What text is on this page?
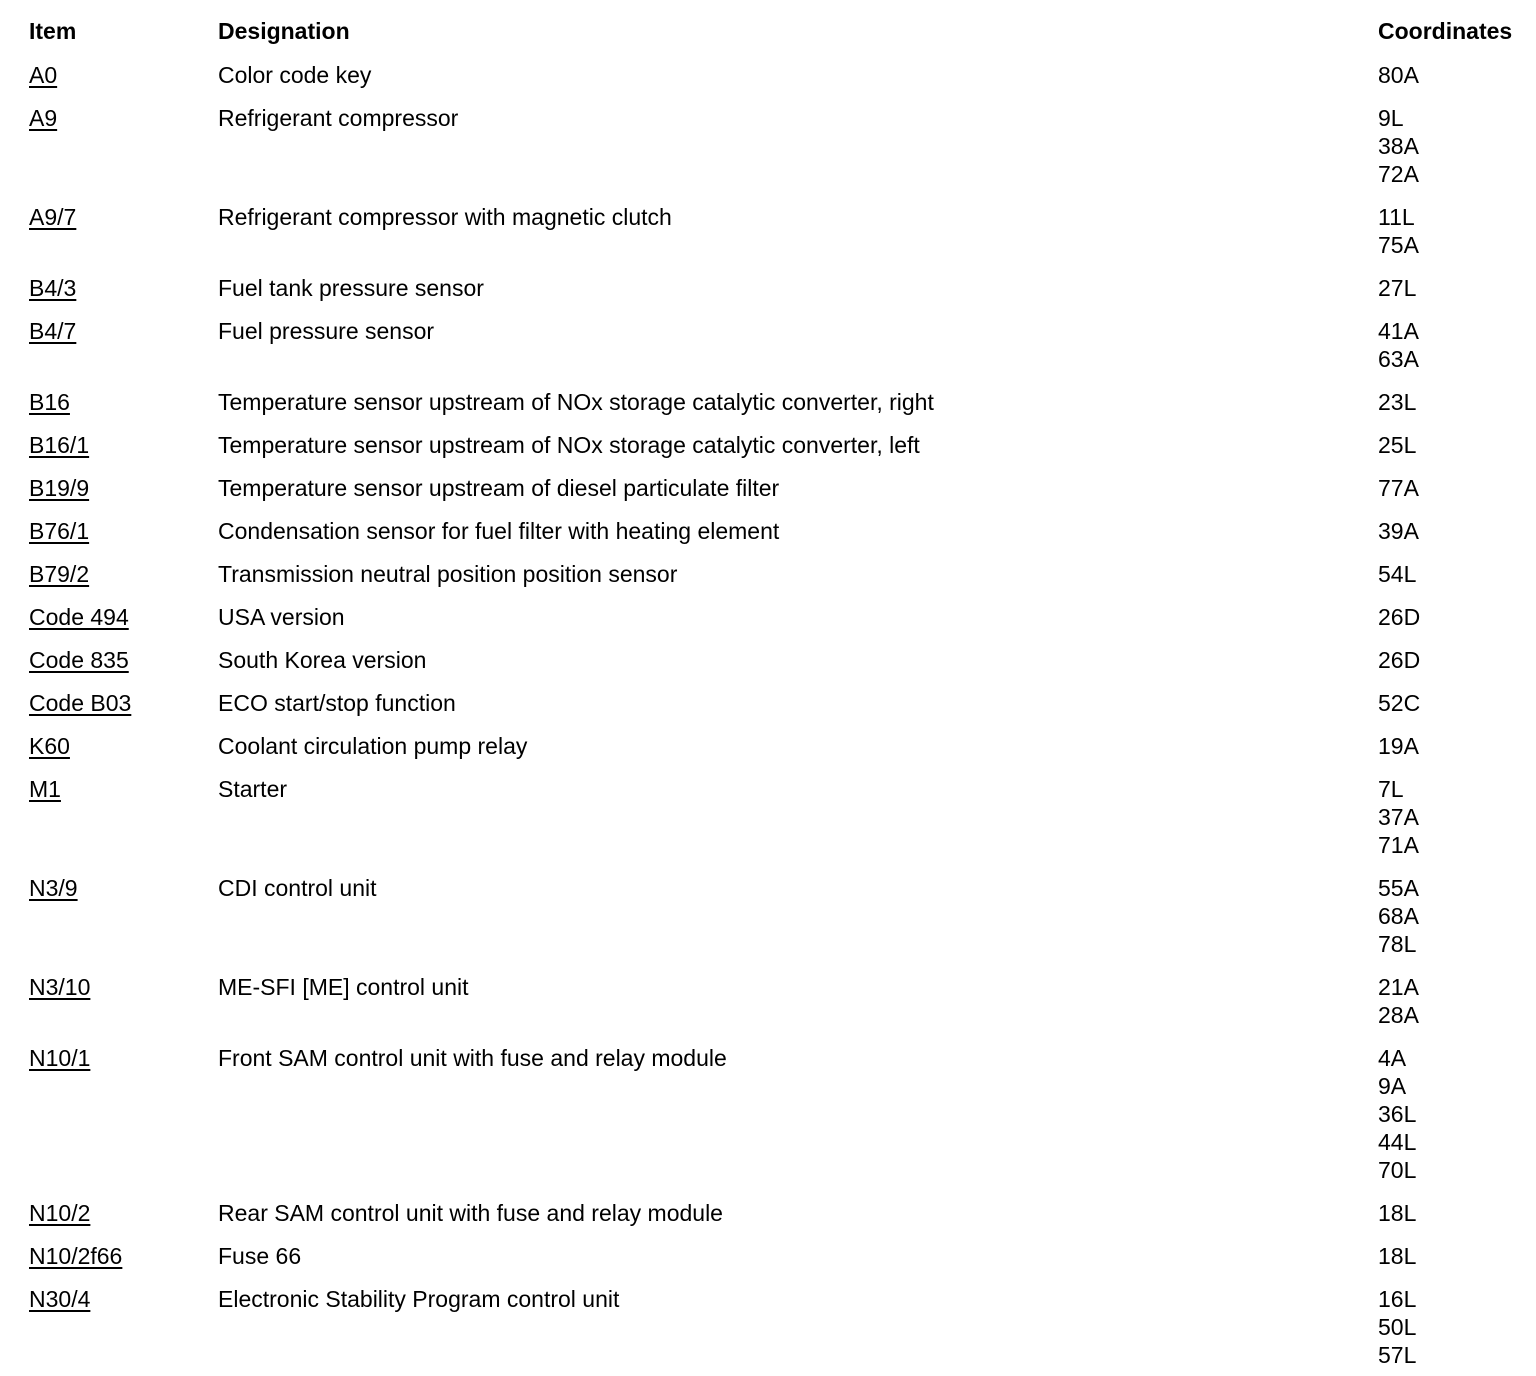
Item	Designation	Coordinates
A0	Color code key	80A
A9	Refrigerant compressor	9L
38A
72A
A9/7	Refrigerant compressor with magnetic clutch	11L
75A
B4/3	Fuel tank pressure sensor	27L
B4/7	Fuel pressure sensor	41A
63A
B16	Temperature sensor upstream of NOx storage catalytic converter, right	23L
B16/1	Temperature sensor upstream of NOx storage catalytic converter, left	25L
B19/9	Temperature sensor upstream of diesel particulate filter	77A
B76/1	Condensation sensor for fuel filter with heating element	39A
B79/2	Transmission neutral position position sensor	54L
Code 494	USA version	26D
Code 835	South Korea version	26D
Code B03	ECO start/stop function	52C
K60	Coolant circulation pump relay	19A
M1	Starter	7L
37A
71A
N3/9	CDI control unit	55A
68A
78L
N3/10	ME-SFI [ME] control unit	21A
28A
N10/1	Front SAM control unit with fuse and relay module	4A
9A
36L
44L
70L
N10/2	Rear SAM control unit with fuse and relay module	18L
N10/2f66	Fuse 66	18L
N30/4	Electronic Stability Program control unit	16L
50L
57L
